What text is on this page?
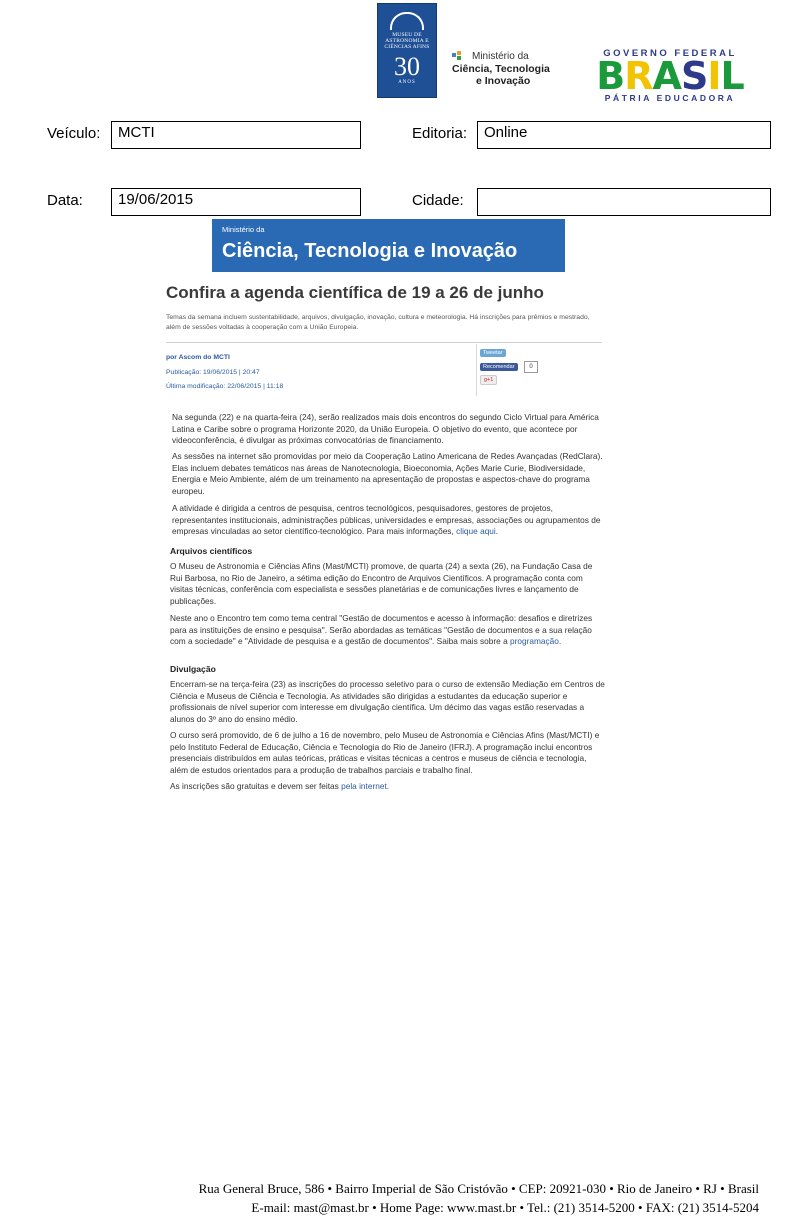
MUSEU DE ASTRONOMIA E CIÊNCIAS AFINS
30
ANOS
Ministério da
Ciência, Tecnologia
e Inovação
GOVERNO FEDERAL
BRASIL
PÁTRIA EDUCADORA
Veículo:	MCTI	Editoria:	Online
Data:	19/06/2015	Cidade:
Ministério da
Ciência, Tecnologia e Inovação
Confira a agenda científica de 19 a 26 de junho
Temas da semana incluem sustentabilidade, arquivos, divulgação, inovação, cultura e meteorologia. Há inscrições para prêmios e mestrado, além de sessões voltadas à cooperação com a União Europeia.
por Ascom do MCTI
Publicação: 19/06/2015 | 20:47
Última modificação: 22/06/2015 | 11:18
Tweetar
Recomendar	0
g+1
Na segunda (22) e na quarta-feira (24), serão realizados mais dois encontros do segundo Ciclo Virtual para América Latina e Caribe sobre o programa Horizonte 2020, da União Europeia. O objetivo do evento, que acontece por videoconferência, é divulgar as próximas convocatórias de financiamento.
As sessões na internet são promovidas por meio da Cooperação Latino Americana de Redes Avançadas (RedClara). Elas incluem debates temáticos nas áreas de Nanotecnologia, Bioeconomia, Ações Marie Curie, Biodiversidade, Energia e Meio Ambiente, além de um treinamento na apresentação de propostas e aspectos-chave do programa europeu.
A atividade é dirigida a centros de pesquisa, centros tecnológicos, pesquisadores, gestores de projetos, representantes institucionais, administrações públicas, universidades e empresas, associações ou agrupamentos de empresas vinculadas ao setor científico-tecnológico. Para mais informações, clique aqui.
Arquivos científicos
O Museu de Astronomia e Ciências Afins (Mast/MCTI) promove, de quarta (24) a sexta (26), na Fundação Casa de Rui Barbosa, no Rio de Janeiro, a sétima edição do Encontro de Arquivos Científicos. A programação conta com visitas técnicas, conferência com especialista e sessões planetárias e de comunicações livres e lançamento de publicações.
Neste ano o Encontro tem como tema central "Gestão de documentos e acesso à informação: desafios e diretrizes para as instituições de ensino e pesquisa". Serão abordadas as temáticas "Gestão de documentos e a sua relação com a sociedade" e "Atividade de pesquisa e a gestão de documentos". Saiba mais sobre a programação.
Divulgação
Encerram-se na terça-feira (23) as inscrições do processo seletivo para o curso de extensão Mediação em Centros de Ciência e Museus de Ciência e Tecnologia. As atividades são dirigidas a estudantes da educação superior e profissionais de nível superior com interesse em divulgação científica. Um décimo das vagas estão reservadas a alunos do 3º ano do ensino médio.
O curso será promovido, de 6 de julho a 16 de novembro, pelo Museu de Astronomia e Ciências Afins (Mast/MCTI) e pelo Instituto Federal de Educação, Ciência e Tecnologia do Rio de Janeiro (IFRJ). A programação inclui encontros presenciais distribuídos em aulas teóricas, práticas e visitas técnicas a centros e museus de ciência e tecnologia, além de estudos orientados para a produção de trabalhos parciais e trabalho final.
As inscrições são gratuitas e devem ser feitas pela internet.
Rua General Bruce, 586 • Bairro Imperial de São Cristóvão • CEP: 20921-030 • Rio de Janeiro • RJ • Brasil
E-mail: mast@mast.br • Home Page: www.mast.br • Tel.: (21) 3514-5200 • FAX: (21) 3514-5204
